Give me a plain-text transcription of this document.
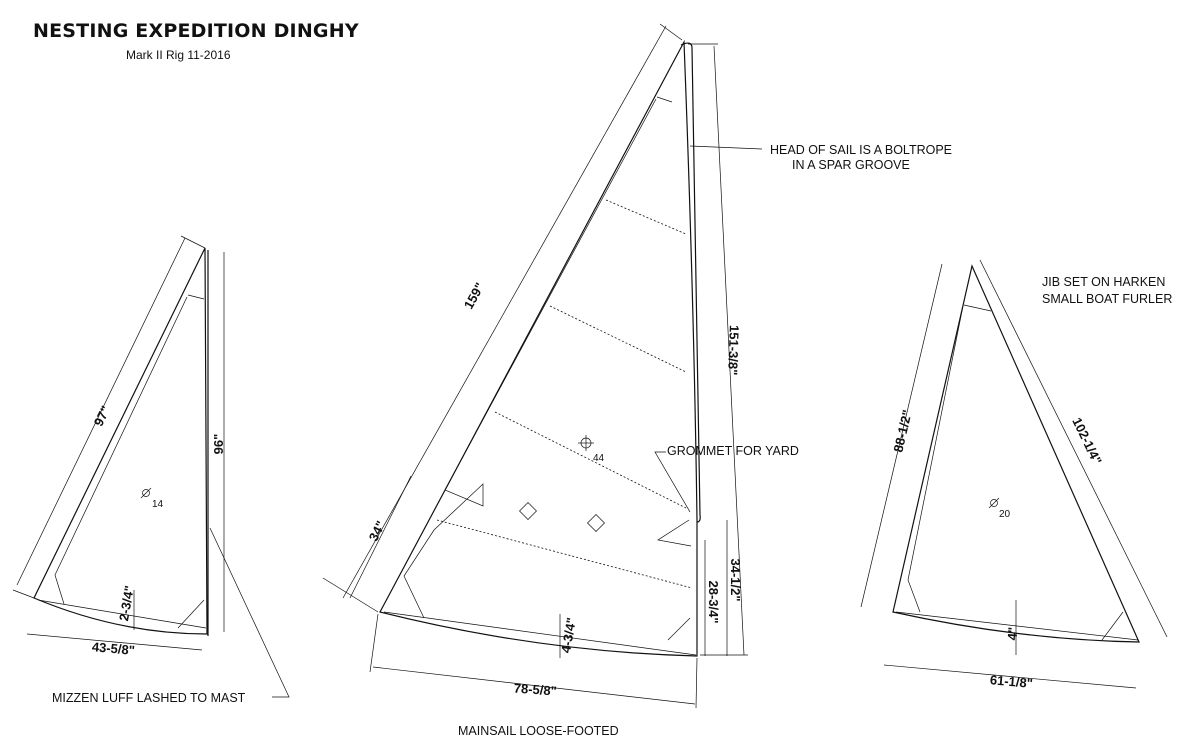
NESTING EXPEDITION DINGHY
Mark II Rig 11-2016
97"
96"
43-5/8"
2-3/4"
14
MIZZEN LUFF LASHED TO MAST
44
GROMMET FOR YARD
159"
151-3/8"
HEAD OF SAIL IS A BOLTROPE
IN A SPAR GROOVE
34"
28-3/4"
34-1/2"
4-3/4"
78-5/8"
MAINSAIL LOOSE-FOOTED
88-1/2"	102-1/4"
4"
61-1/8"
20
JIB SET ON HARKEN
SMALL BOAT FURLER
